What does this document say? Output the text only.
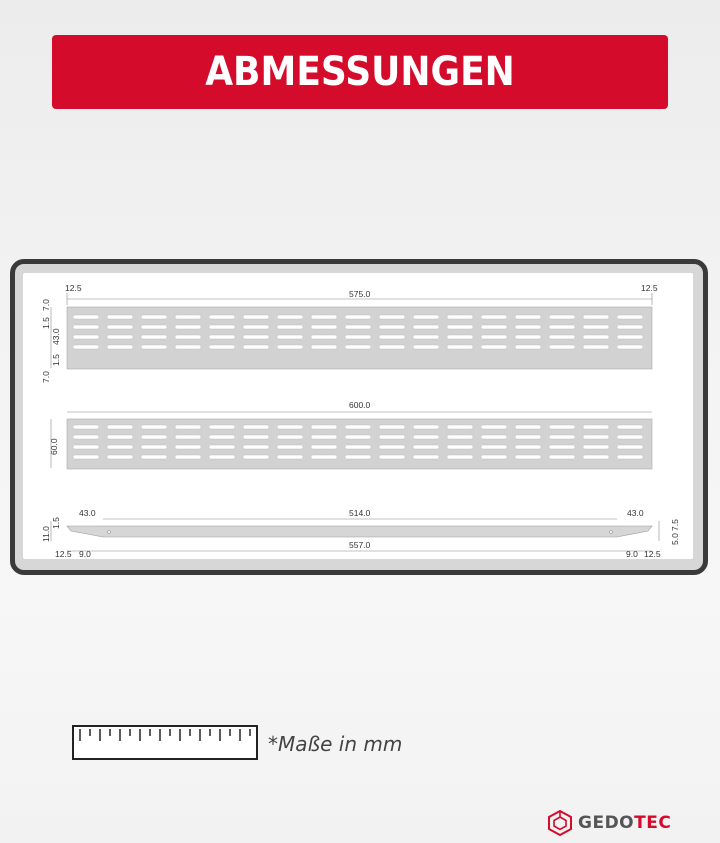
ABMESSUNGEN
12.5
575.0
12.5
7.0
1.5
43.0
1.5
7.0
600.0
60.0
43.0	514.0	43.0
11.0
1.5
5.0
7.5
12.5 9.0
557.0
9.0 12.5
*Maße in mm
GEDOTEC
